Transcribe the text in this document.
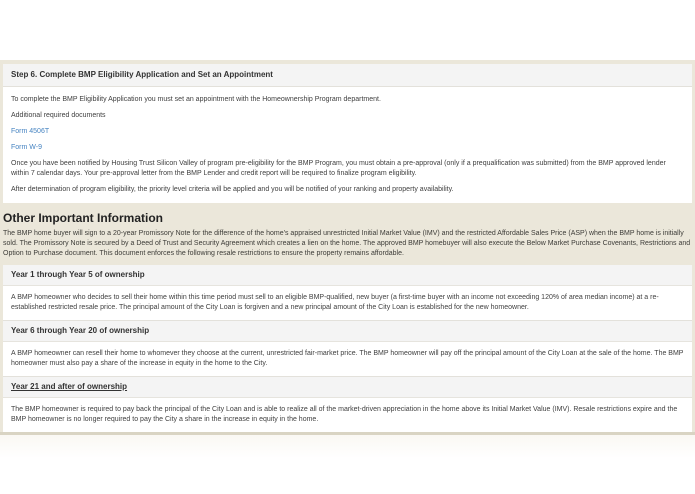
Step 6. Complete BMP Eligibility Application and Set an Appointment

To complete the BMP Eligibility Application you must set an appointment with the Homeownership Program department.

Additional required documents

Form 4506T

Form W-9

Once you have been notified by Housing Trust Silicon Valley of program pre-eligibility for the BMP Program, you must obtain a pre-approval (only if a prequalification was submitted) from the BMP approved lender within 7 calendar days. Your pre-approval letter from the BMP Lender and credit report will be required to finalize program eligibility.

After determination of program eligibility, the priority level criteria will be applied and you will be notified of your ranking and property availability.

Other Important Information

The BMP home buyer will sign to a 20-year Promissory Note for the difference of the home's appraised unrestricted Initial Market Value (IMV) and the restricted Affordable Sales Price (ASP) when the BMP home is initially sold. The Promissory Note is secured by a Deed of Trust and Security Agreement which creates a lien on the home. The approved BMP homebuyer will also execute the Below Market Purchase Covenants, Restrictions and Option to Purchase document. This document enforces the following resale restrictions to ensure the property remains affordable.

Year 1 through Year 5 of ownership

A BMP homeowner who decides to sell their home within this time period must sell to an eligible BMP-qualified, new buyer (a first-time buyer with an income not exceeding 120% of area median income) at a re-established restricted resale price. The principal amount of the City Loan is forgiven and a new principal amount of the City Loan is established for the new homeowner.

Year 6 through Year 20 of ownership

A BMP homeowner can resell their home to whomever they choose at the current, unrestricted fair-market price. The BMP homeowner will pay off the principal amount of the City Loan at the sale of the home. The BMP homeowner must also pay a share of the increase in equity in the home to the City.

Year 21 and after of ownership

The BMP homeowner is required to pay back the principal of the City Loan and is able to realize all of the market-driven appreciation in the home above its Initial Market Value (IMV). Resale restrictions expire and the BMP homeowner is no longer required to pay the City a share in the increase in equity in the home.
